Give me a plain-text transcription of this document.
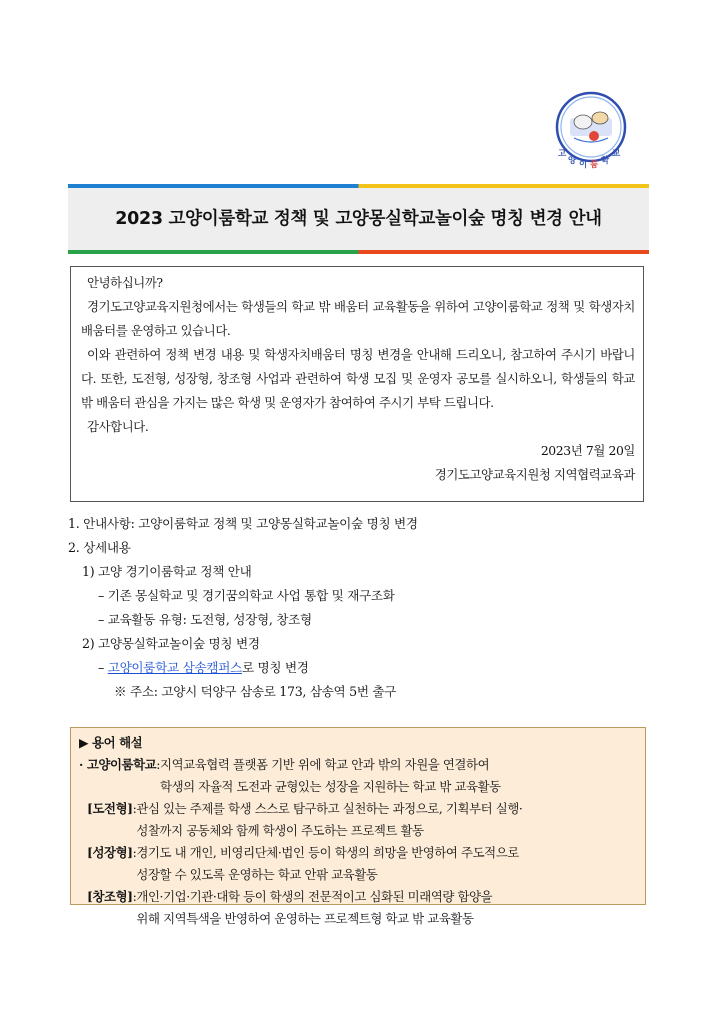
고
양 이 룸 학
교
2023 고양이룸학교 정책 및 고양몽실학교놀이숲 명칭 변경 안내

안녕하십니까?

경기도고양교육지원청에서는 학생들의 학교 밖 배움터 교육활동을 위하여 고양이룸학교 정책 및 학생자치배움터를 운영하고 있습니다.

이와 관련하여 정책 변경 내용 및 학생자치배움터 명칭 변경을 안내해 드리오니, 참고하여 주시기 바랍니다. 또한, 도전형, 성장형, 창조형 사업과 관련하여 학생 모집 및 운영자 공모를 실시하오니, 학생들의 학교 밖 배움터 관심을 가지는 많은 학생 및 운영자가 참여하여 주시기 부탁 드립니다.

감사합니다.

2023년 7월 20일

경기도고양교육지원청 지역협력교육과

1. 안내사항: 고양이룸학교 정책 및 고양몽실학교놀이숲 명칭 변경
2. 상세내용
1) 고양 경기이룸학교 정책 안내
– 기존 몽실학교 및 경기꿈의학교 사업 통합 및 재구조화
– 교육활동 유형: 도전형, 성장형, 창조형
2) 고양몽실학교놀이숲 명칭 변경
– 고양이룸학교 삼송캠퍼스로 명칭 변경
※ 주소: 고양시 덕양구 삼송로 173, 삼송역 5번 출구
▶ 용어 해설
· 고양이룸학교 : 지역교육협력 플랫폼 기반 위에 학교 안과 밖의 자원을 연결하여
학생의 자율적 도전과 균형있는 성장을 지원하는 학교 밖 교육활동
[도전형] : 관심 있는 주제를 학생 스스로 탐구하고 실천하는 과정으로, 기획부터 실행·
성찰까지 공동체와 함께 학생이 주도하는 프로젝트 활동
[성장형] : 경기도 내 개인, 비영리단체·법인 등이 학생의 희망을 반영하여 주도적으로
성장할 수 있도록 운영하는 학교 안팎 교육활동
[창조형] : 개인·기업·기관·대학 등이 학생의 전문적이고 심화된 미래역량 함양을
위해 지역특색을 반영하여 운영하는 프로젝트형 학교 밖 교육활동
